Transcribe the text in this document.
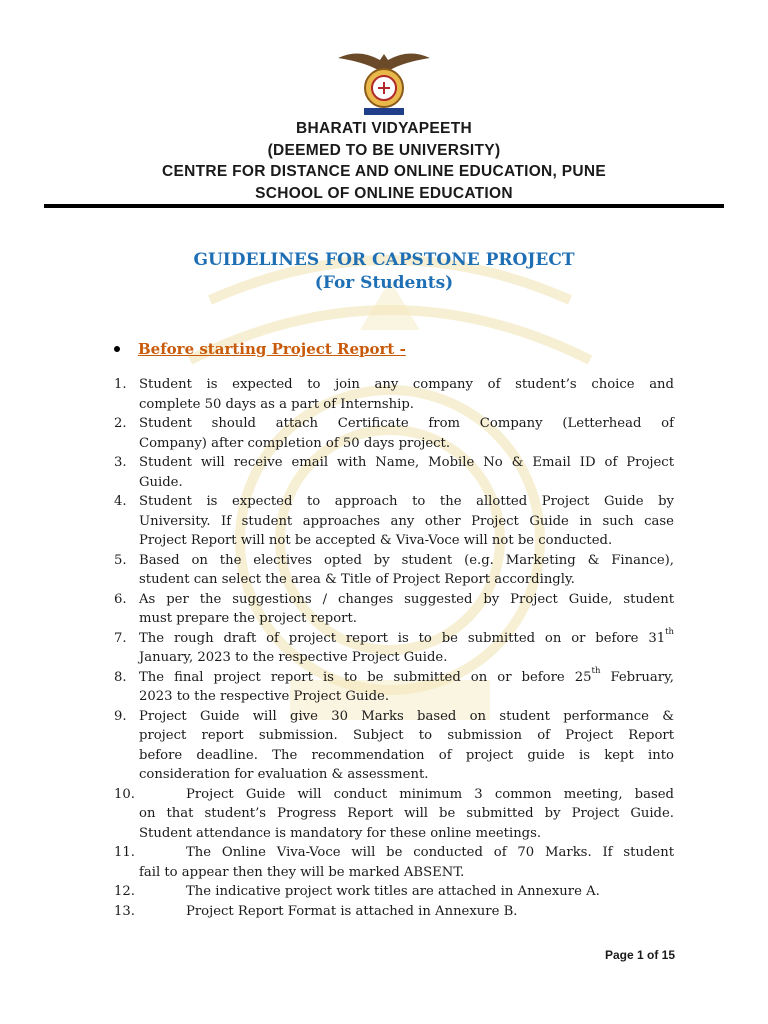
BHARATI VIDYAPEETH
(DEEMED TO BE UNIVERSITY)
CENTRE FOR DISTANCE AND ONLINE EDUCATION, PUNE
SCHOOL OF ONLINE EDUCATION
GUIDELINES FOR CAPSTONE PROJECT
(For Students)
Before starting Project Report -
1. Student is expected to join any company of student’s choice and
complete 50 days as a part of Internship.
2. Student should attach Certificate from Company (Letterhead of
Company) after completion of 50 days project.
3. Student will receive email with Name, Mobile No & Email ID of Project
Guide.
4. Student is expected to approach to the allotted Project Guide by
University. If student approaches any other Project Guide in such case
Project Report will not be accepted & Viva-Voce will not be conducted.
5. Based on the electives opted by student (e.g. Marketing & Finance),
student can select the area & Title of Project Report accordingly.
6. As per the suggestions / changes suggested by Project Guide, student
must prepare the project report.
7. The rough draft of project report is to be submitted on or before 31th
January, 2023 to the respective Project Guide.
8. The final project report is to be submitted on or before 25th February,
2023 to the respective Project Guide.
9. Project Guide will give 30 Marks based on student performance &
project report submission. Subject to submission of Project Report
before deadline. The recommendation of project guide is kept into
consideration for evaluation & assessment.
10.	Project Guide will conduct minimum 3 common meeting, based
on that student’s Progress Report will be submitted by Project Guide.
Student attendance is mandatory for these online meetings.
11.	The Online Viva-Voce will be conducted of 70 Marks. If student
fail to appear then they will be marked ABSENT.
12.	The indicative project work titles are attached in Annexure A.
13.	Project Report Format is attached in Annexure B.
Page 1 of 15
